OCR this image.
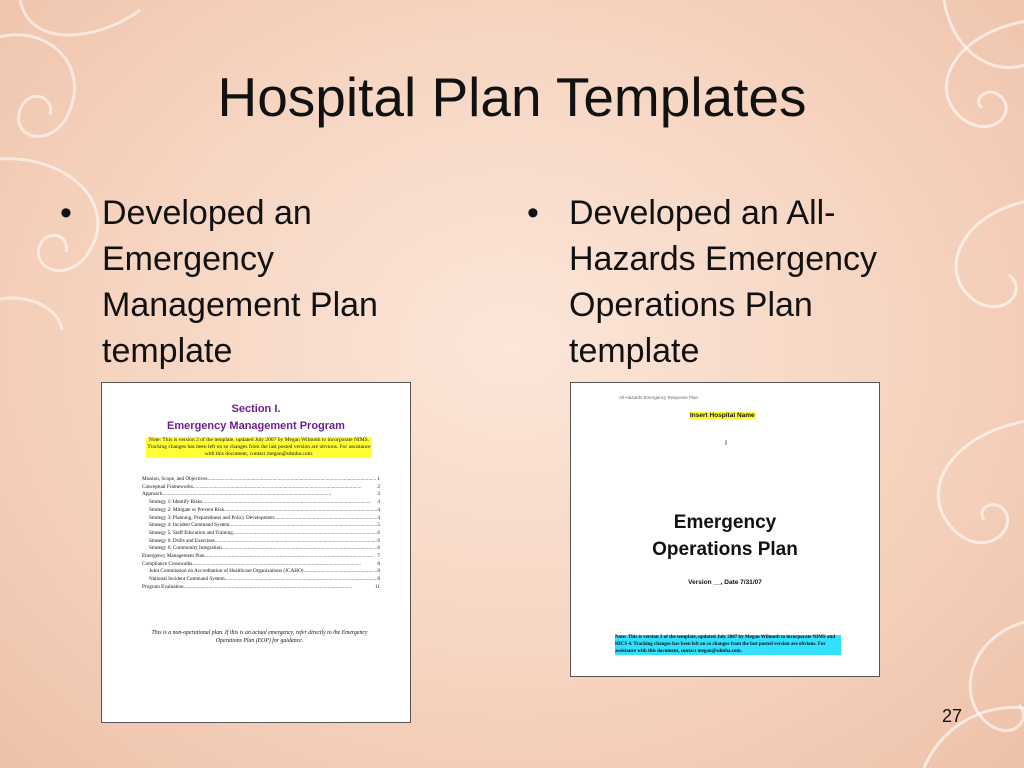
Hospital Plan Templates
• Developed an Emergency Management Plan template
• Developed an All-Hazards Emergency Operations Plan template
Section I.
Emergency Management Program
Note: This is version 2 of the template, updated July 2007 by Megan Wilmoth to incorporate NIMS. Tracking changes has been left on so changes from the last posted version are obvious. For assistance with this document, contact megan@sdmha.com.
Mission, Scope, and Objectives .....	1
Conceptual Frameworks .....	2
Approach .....	3
Strategy 1: Identify Risks .....	4
Strategy 2: Mitigate or Prevent Risk .....	4
Strategy 3: Planning, Preparedness and Policy Development .....	4
Strategy 4: Incident Command System .....	5
Strategy 5: Staff Education and Training .....	6
Strategy 6: Drills and Exercises .....	6
Strategy 6: Community Integration .....	6
Emergency Management Plan .....	7
Compliance Crosswalks .....	8
Joint Commission on Accreditation of Healthcare Organizations (JCAHO) .....	8
National Incident Command System .....	8
Program Evaluation .....	11
This is a non-operational plan. If this is an actual emergency, refer directly to the Emergency Operations Plan (EOP) for guidance.
All-Hazards Emergency Response Plan
Insert Hospital Name
I
Emergency
Operations Plan
Version __, Date 7/31/07
Note: This is version 3 of the template, updated July 2007 by Megan Wilmoth to incorporate NIMS and HICS 4. Tracking changes has been left on so changes from the last posted version are obvious. For assistance with this document, contact megan@sdmha.com.
27
